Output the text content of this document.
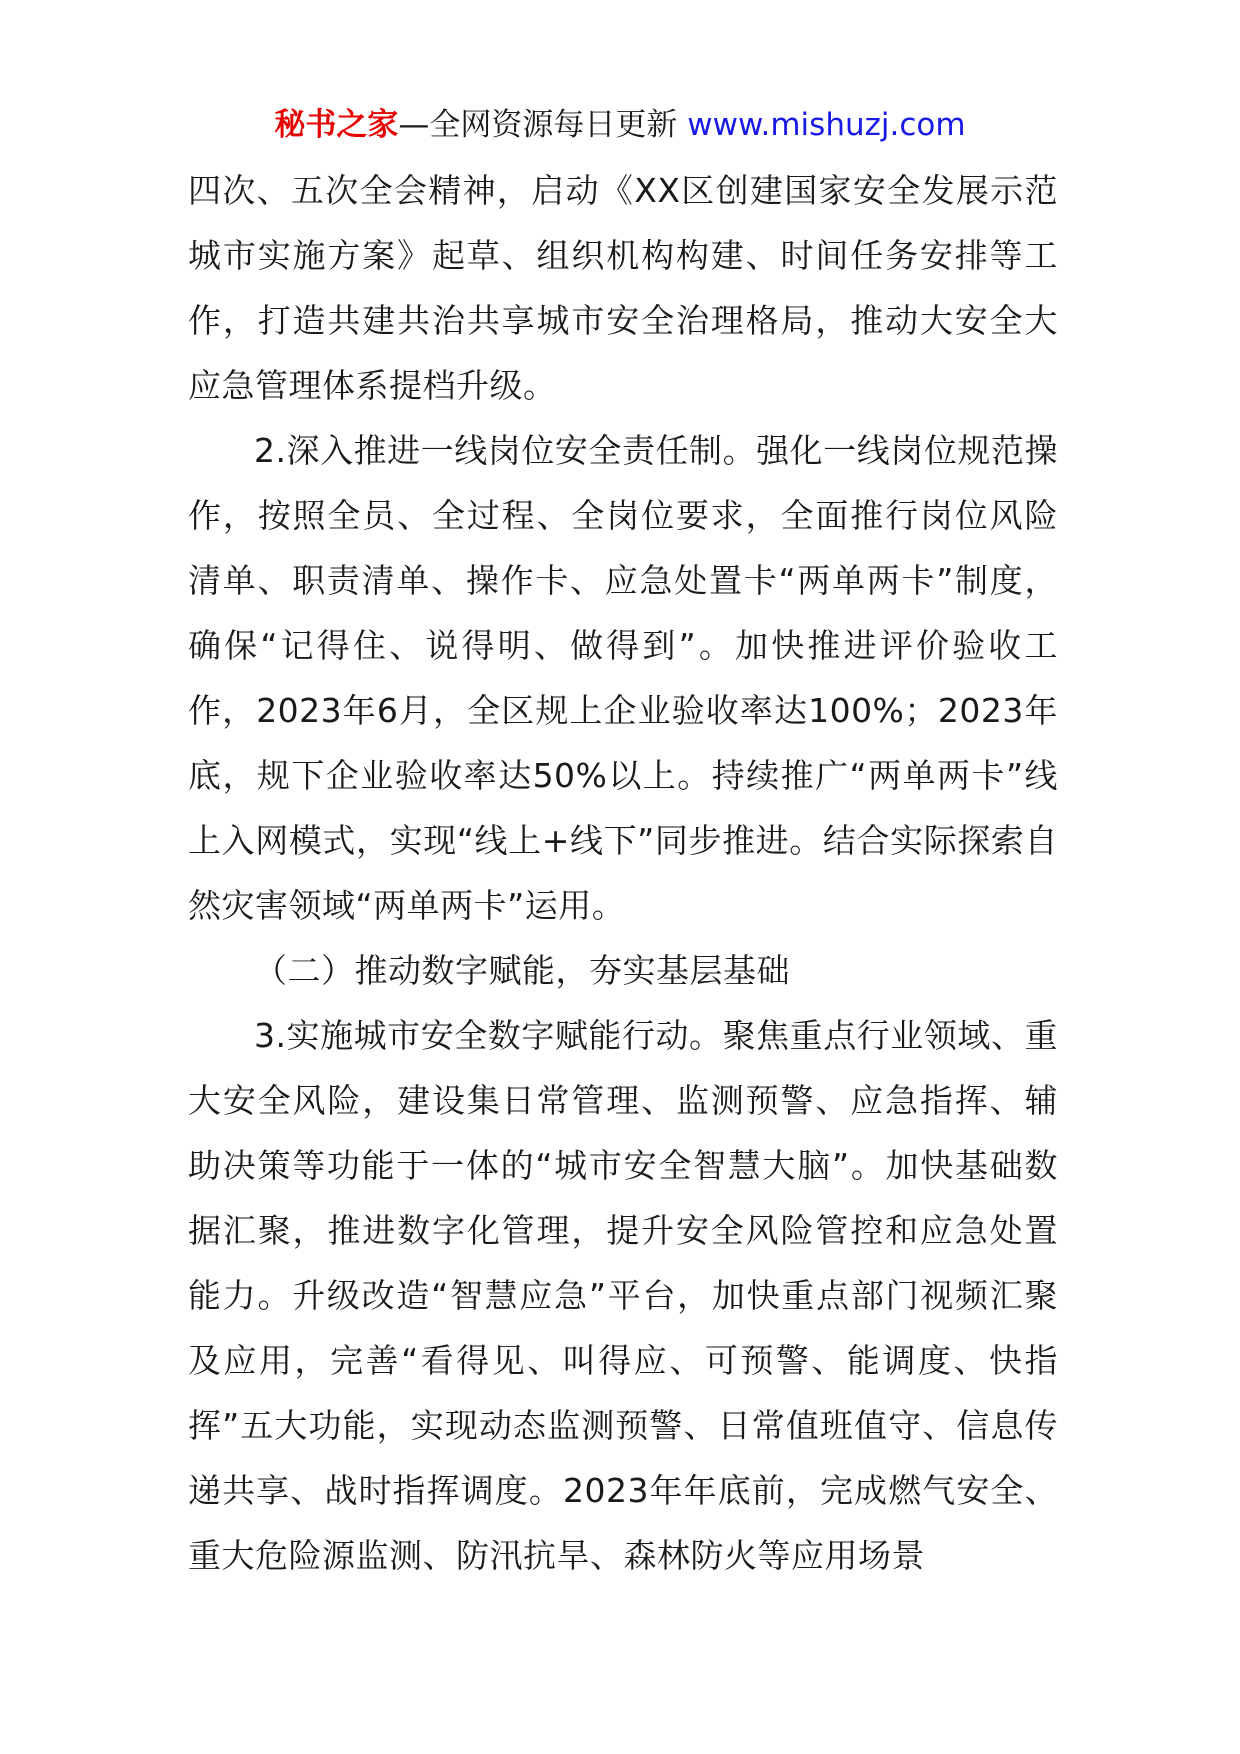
秘书之家—全网资源每日更新 www.mishuzj.com

四次、五次全会精神，启动《XX区创建国家安全发展示范城市实施方案》起草、组织机构构建、时间任务安排等工作，打造共建共治共享城市安全治理格局，推动大安全大应急管理体系提档升级。

2.深入推进一线岗位安全责任制。强化一线岗位规范操作，按照全员、全过程、全岗位要求，全面推行岗位风险清单、职责清单、操作卡、应急处置卡“两单两卡”制度，确保“记得住、说得明、做得到”。加快推进评价验收工作，2023年6月，全区规上企业验收率达100%；2023年底，规下企业验收率达50%以上。持续推广“两单两卡”线上入网模式，实现“线上+线下”同步推进。结合实际探索自然灾害领域“两单两卡”运用。

（二）推动数字赋能，夯实基层基础

3.实施城市安全数字赋能行动。聚焦重点行业领域、重大安全风险，建设集日常管理、监测预警、应急指挥、辅助决策等功能于一体的“城市安全智慧大脑”。加快基础数据汇聚，推进数字化管理，提升安全风险管控和应急处置能力。升级改造“智慧应急”平台，加快重点部门视频汇聚及应用，完善“看得见、叫得应、可预警、能调度、快指挥”五大功能，实现动态监测预警、日常值班值守、信息传递共享、战时指挥调度。2023年年底前，完成燃气安全、重大危险源监测、防汛抗旱、森林防火等应用场景
